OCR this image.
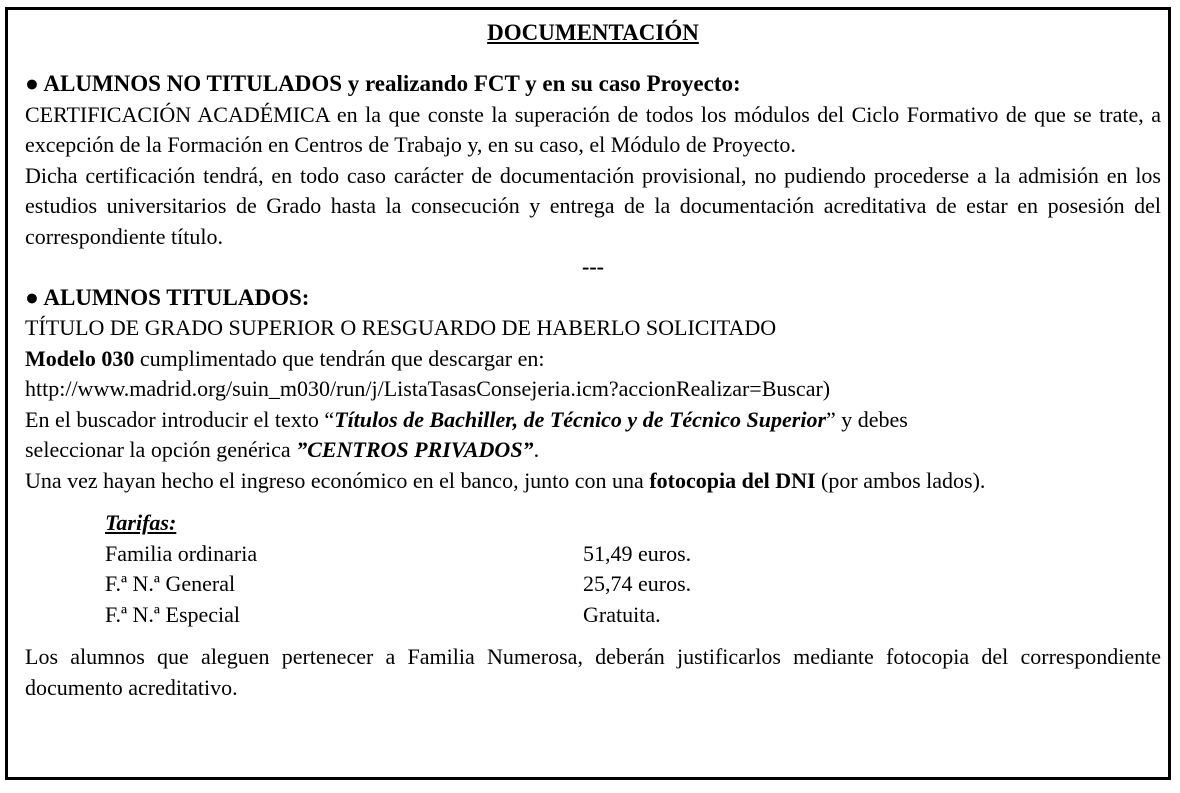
DOCUMENTACIÓN
● ALUMNOS NO TITULADOS y realizando FCT y en su caso Proyecto:
CERTIFICACIÓN ACADÉMICA en la que conste la superación de todos los módulos del Ciclo Formativo de que se trate, a excepción de la Formación en Centros de Trabajo y, en su caso, el Módulo de Proyecto.
Dicha certificación tendrá, en todo caso carácter de documentación provisional, no pudiendo procederse a la admisión en los estudios universitarios de Grado hasta la consecución y entrega de la documentación acreditativa de estar en posesión del correspondiente título.
---
● ALUMNOS TITULADOS:
TÍTULO DE GRADO SUPERIOR O RESGUARDO DE HABERLO SOLICITADO
Modelo 030 cumplimentado que tendrán que descargar en:
http://www.madrid.org/suin_m030/run/j/ListaTasasConsejeria.icm?accionRealizar=Buscar)
En el buscador introducir el texto “Títulos de Bachiller, de Técnico y de Técnico Superior” y debes
seleccionar la opción genérica ”CENTROS PRIVADOS”.
Una vez hayan hecho el ingreso económico en el banco, junto con una fotocopia del DNI (por ambos lados).
Tarifas:
Familia ordinaria	51,49 euros.
F.ª N.ª General	25,74 euros.
F.ª N.ª Especial	Gratuita.
Los alumnos que aleguen pertenecer a Familia Numerosa, deberán justificarlos mediante fotocopia del correspondiente documento acreditativo.
